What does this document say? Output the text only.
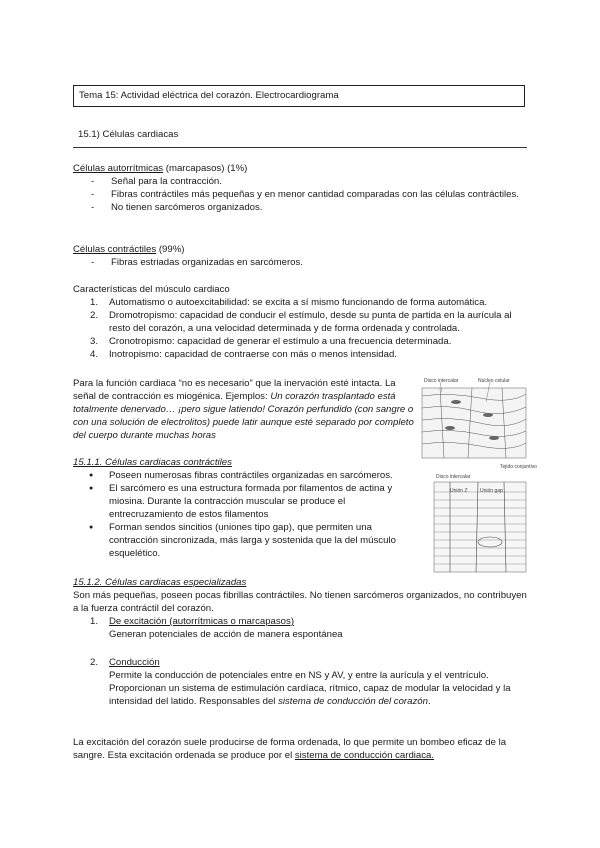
Tema 15: Actividad eléctrica del corazón. Electrocardiograma
15.1) Células cardiacas

Células autorrítmicas (marcapasos) (1%)

- Señal para la contracción.
- Fibras contráctiles más pequeñas y en menor cantidad comparadas con las células contráctiles.
- No tienen sarcómeros organizados.

Células contráctiles (99%)

- Fibras estriadas organizadas en sarcómeros.

Características del músculo cardiaco

1. Automatismo o autoexcitabilidad: se excita a sí mismo funcionando de forma automática.
2. Dromotropismo: capacidad de conducir el estímulo, desde su punta de partida en la aurícula al resto del corazón, a una velocidad determinada y de forma ordenada y controlada.
3. Cronotropismo: capacidad de generar el estímulo a una frecuencia determinada.
4. Inotropismo: capacidad de contraerse con más o menos intensidad.

Para la función cardiaca “no es necesario” que la inervación esté intacta. La señal de contracción es miogénica. Ejemplos: Un corazón trasplantado está totalmente denervado… ¡pero sigue latiendo! Corazón perfundido (con sangre o con una solución de electrolitos) puede latir aunque esté separado por completo del cuerpo durante muchas horas

15.1.1. Células cardiacas contráctiles

● Poseen numerosas fibras contráctiles organizadas en sarcómeros.
● El sarcómero es una estructura formada por filamentos de actina y miosina. Durante la contracción muscular se produce el entrecruzamiento de estos filamentos
● Forman sendos sincitios (uniones tipo gap), que permiten una contracción sincronizada, más larga y sostenida que la del músculo esquelético.
Disco intercalar	Núcleo celular
Disco intercalar
Tejido conjuntivo
Unión Z Unión gap

15.1.2. Células cardiacas especializadas

Son más pequeñas, poseen pocas fibrillas contráctiles. No tienen sarcómeros organizados, no contribuyen a la fuerza contráctil del corazón.

1. De excitación (autorrítmicas o marcapasos)
Generan potenciales de acción de manera espontánea
2. Conducción
Permite la conducción de potenciales entre en NS y AV, y entre la aurícula y el ventrículo. Proporcionan un sistema de estimulación cardíaca, rítmico, capaz de modular la velocidad y la intensidad del latido. Responsables del sistema de conducción del corazón.

La excitación del corazón suele producirse de forma ordenada, lo que permite un bombeo eficaz de la sangre. Esta excitación ordenada se produce por el sistema de conducción cardiaca.
